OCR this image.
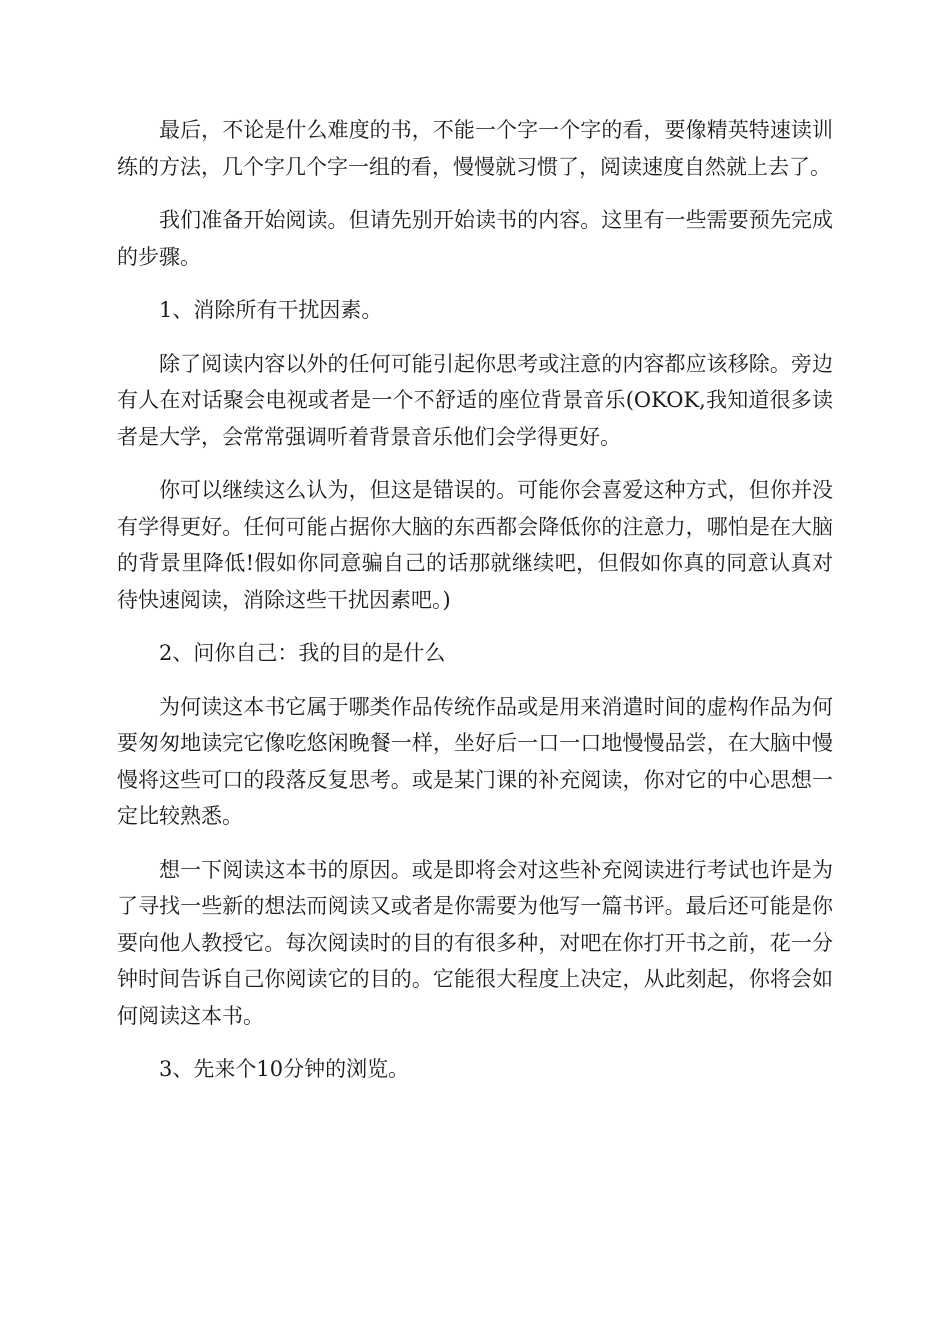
最后，不论是什么难度的书，不能一个字一个字的看，要像精英特速读训练的方法，几个字几个字一组的看，慢慢就习惯了，阅读速度自然就上去了。

我们准备开始阅读。但请先别开始读书的内容。这里有一些需要预先完成的步骤。

1、消除所有干扰因素。

除了阅读内容以外的任何可能引起你思考或注意的内容都应该移除。旁边有人在对话聚会电视或者是一个不舒适的座位背景音乐(OKOK,我知道很多读者是大学，会常常强调听着背景音乐他们会学得更好。

你可以继续这么认为，但这是错误的。可能你会喜爱这种方式，但你并没有学得更好。任何可能占据你大脑的东西都会降低你的注意力，哪怕是在大脑的背景里降低!假如你同意骗自己的话那就继续吧，但假如你真的同意认真对待快速阅读，消除这些干扰因素吧。)

2、问你自己：我的目的是什么

为何读这本书它属于哪类作品传统作品或是用来消遣时间的虚构作品为何要匆匆地读完它像吃悠闲晚餐一样，坐好后一口一口地慢慢品尝，在大脑中慢慢将这些可口的段落反复思考。或是某门课的补充阅读，你对它的中心思想一定比较熟悉。

想一下阅读这本书的原因。或是即将会对这些补充阅读进行考试也许是为了寻找一些新的想法而阅读又或者是你需要为他写一篇书评。最后还可能是你要向他人教授它。每次阅读时的目的有很多种，对吧在你打开书之前，花一分钟时间告诉自己你阅读它的目的。它能很大程度上决定，从此刻起，你将会如何阅读这本书。

3、先来个10分钟的浏览。
